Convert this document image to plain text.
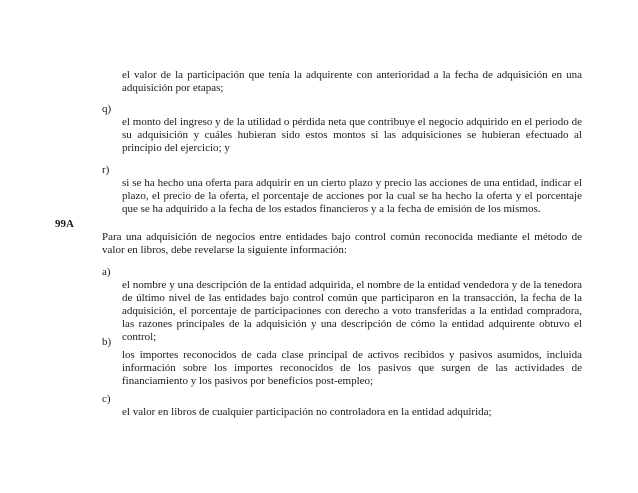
el valor de la participación que tenía la adquirente con anterioridad a la fecha de adquisición en una adquisición por etapas;
q)
el monto del ingreso y de la utilidad o pérdida neta que contribuye el negocio adquirido en el periodo de su adquisición y cuáles hubieran sido estos montos si las adquisiciones se hubieran efectuado al principio del ejercicio; y
r)
si se ha hecho una oferta para adquirir en un cierto plazo y precio las acciones de una entidad, indicar el plazo, el precio de la oferta, el porcentaje de acciones por la cual se ha hecho la oferta y el porcentaje que se ha adquirido a la fecha de los estados financieros y a la fecha de emisión de los mismos.
99A
Para una adquisición de negocios entre entidades bajo control común reconocida mediante el método de valor en libros, debe revelarse la siguiente información:
a)
el nombre y una descripción de la entidad adquirida, el nombre de la entidad vendedora y de la tenedora de último nivel de las entidades bajo control común que participaron en la transacción, la fecha de la adquisición, el porcentaje de participaciones con derecho a voto transferidas a la entidad compradora, las razones principales de la adquisición y una descripción de cómo la entidad adquirente obtuvo el control;
b)
los importes reconocidos de cada clase principal de activos recibidos y pasivos asumidos, incluida información sobre los importes reconocidos de los pasivos que surgen de las actividades de financiamiento y los pasivos por beneficios post-empleo;
c)
el valor en libros de cualquier participación no controladora en la entidad adquirida;
